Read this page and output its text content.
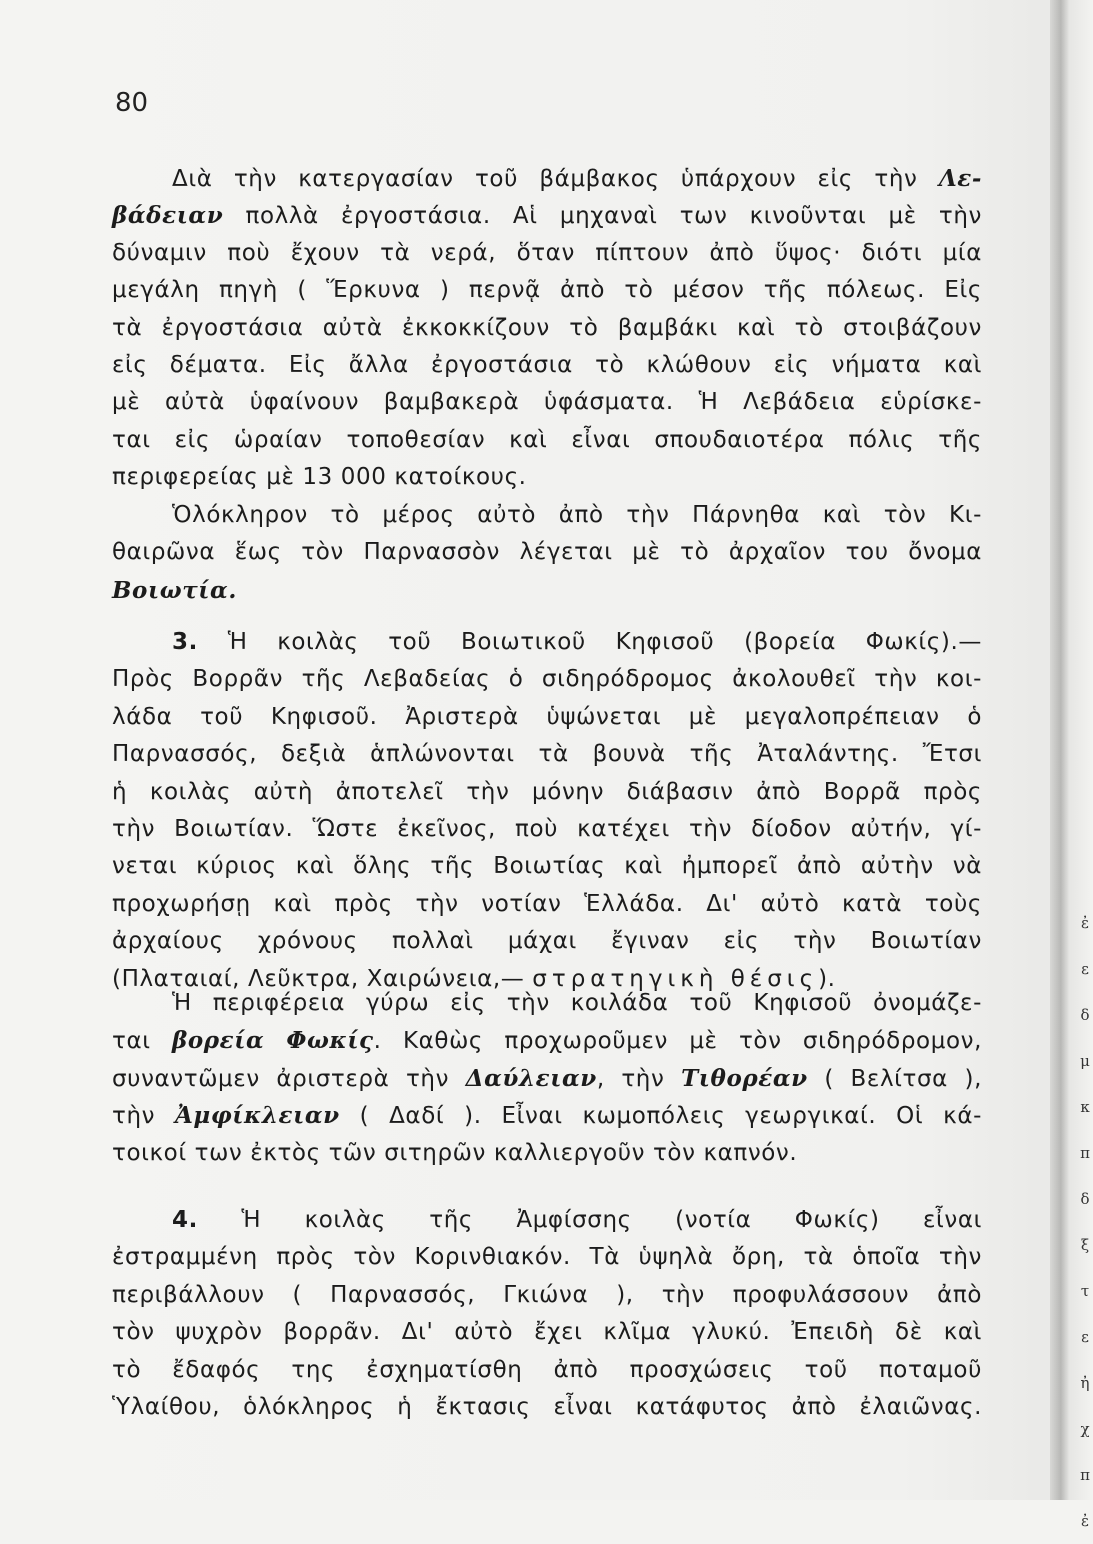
ἐ ε δ μ κ π δ ξ τ ε ἠ χ π ἐ
80
Διὰ τὴν κατεργασίαν τοῦ βάμβακος ὑπάρχουν εἰς τὴν Λε-
βάδειαν πολλὰ ἐργοστάσια. Αἱ μηχαναὶ των κινοῦνται μὲ τὴν
δύναμιν ποὺ ἔχουν τὰ νερά, ὅταν πίπτουν ἀπὸ ὕψος· διότι μία
μεγάλη πηγὴ ( Ἕρκυνα ) περνᾷ ἀπὸ τὸ μέσον τῆς πόλεως. Εἰς
τὰ ἐργοστάσια αὐτὰ ἐκκοκκίζουν τὸ βαμβάκι καὶ τὸ στοιβάζουν
εἰς δέματα. Εἰς ἄλλα ἐργοστάσια τὸ κλώθουν εἰς νήματα καὶ
μὲ αὐτὰ ὑφαίνουν βαμβακερὰ ὑφάσματα. Ἡ Λεβάδεια εὑρίσκε-
ται εἰς ὡραίαν τοποθεσίαν καὶ εἶναι σπουδαιοτέρα πόλις τῆς
περιφερείας μὲ 13 000 κατοίκους.
Ὁλόκληρον τὸ μέρος αὐτὸ ἀπὸ τὴν Πάρνηθα καὶ τὸν Κι-
θαιρῶνα ἕως τὸν Παρνασσὸν λέγεται μὲ τὸ ἀρχαῖον του ὄνομα
Βοιωτία.
3. Ἡ κοιλὰς τοῦ Βοιωτικοῦ Κηφισοῦ (βορεία Φωκίς).—
Πρὸς Βορρᾶν τῆς Λεβαδείας ὁ σιδηρόδρομος ἀκολουθεῖ τὴν κοι-
λάδα τοῦ Κηφισοῦ. Ἀριστερὰ ὑψώνεται μὲ μεγαλοπρέπειαν ὁ
Παρνασσός, δεξιὰ ἁπλώνονται τὰ βουνὰ τῆς Ἀταλάντης. Ἔτσι
ἡ κοιλὰς αὐτὴ ἀποτελεῖ τὴν μόνην διάβασιν ἀπὸ Βορρᾶ πρὸς
τὴν Βοιωτίαν. Ὥστε ἐκεῖνος, ποὺ κατέχει τὴν δίοδον αὐτήν, γί-
νεται κύριος καὶ ὅλης τῆς Βοιωτίας καὶ ἠμπορεῖ ἀπὸ αὐτὴν νὰ
προχωρήσῃ καὶ πρὸς τὴν νοτίαν Ἑλλάδα. Δι' αὐτὸ κατὰ τοὺς
ἀρχαίους χρόνους πολλαὶ μάχαι ἔγιναν εἰς τὴν Βοιωτίαν
(Πλαταιαί, Λεῦκτρα, Χαιρώνεια,— στρατηγικὴ θέσις).
Ἡ περιφέρεια γύρω εἰς τὴν κοιλάδα τοῦ Κηφισοῦ ὀνομάζε-
ται βορεία Φωκίς. Καθὼς προχωροῦμεν μὲ τὸν σιδηρόδρομον,
συναντῶμεν ἀριστερὰ τὴν Δαύλειαν, τὴν Τιθορέαν ( Βελίτσα ),
τὴν Ἀμφίκλειαν ( Δαδί ). Εἶναι κωμοπόλεις γεωργικαί. Οἱ κά-
τοικοί των ἐκτὸς τῶν σιτηρῶν καλλιεργοῦν τὸν καπνόν.
4. Ἡ κοιλὰς τῆς Ἀμφίσσης (νοτία Φωκίς) εἶναι
ἐστραμμένη πρὸς τὸν Κορινθιακόν. Τὰ ὑψηλὰ ὄρη, τὰ ὁποῖα τὴν
περιβάλλουν ( Παρνασσός, Γκιώνα ), τὴν προφυλάσσουν ἀπὸ
τὸν ψυχρὸν βορρᾶν. Δι' αὐτὸ ἔχει κλῖμα γλυκύ. Ἐπειδὴ δὲ καὶ
τὸ ἔδαφός της ἐσχηματίσθη ἀπὸ προσχώσεις τοῦ ποταμοῦ
Ὑλαίθου, ὁλόκληρος ἡ ἔκτασις εἶναι κατάφυτος ἀπὸ ἐλαιῶνας.
